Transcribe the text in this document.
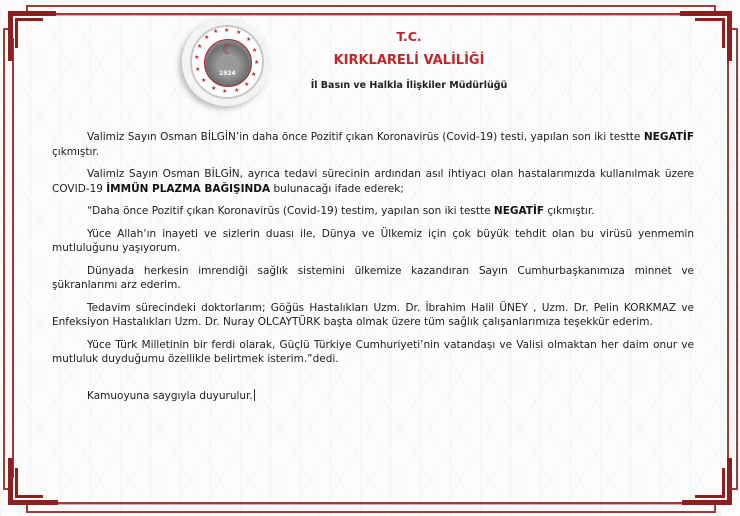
★ ★
★
★
★
★
★
★
★
★
★
★
★
★
★
★
☾
1924
T.C.
KIRKLARELİ VALİLİĞİ
İl Basın ve Halkla İlişkiler Müdürlüğü

Valimiz Sayın Osman BİLGİN’in daha önce Pozitif çıkan Koronavirüs (Covid-19) testi, yapılan son iki testte NEGATİF çıkmıştır.

Valimiz Sayın Osman BİLGİN, ayrıca tedavi sürecinin ardından asıl ihtiyacı olan hastalarımızda kullanılmak üzere COVID-19 İMMÜN PLAZMA BAĞIŞINDA bulunacağı ifade ederek;

“Daha önce Pozitif çıkan Koronavirüs (Covid-19) testim, yapılan son iki testte NEGATİF çıkmıştır.

Yüce Allah’ın inayeti ve sizlerin duası ile, Dünya ve Ülkemiz için çok büyük tehdit olan bu virüsü yenmemin mutluluğunu yaşıyorum.

Dünyada herkesin imrendiği sağlık sistemini ülkemize kazandıran Sayın Cumhurbaşkanımıza minnet ve şükranlarımı arz ederim.

Tedavim sürecindeki doktorlarım; Göğüs Hastalıkları Uzm. Dr. İbrahim Halil ÜNEY , Uzm. Dr. Pelin KORKMAZ ve Enfeksiyon Hastalıkları Uzm. Dr. Nuray OLCAYTÜRK başta olmak üzere tüm sağlık çalışanlarımıza teşekkür ederim.

Yüce Türk Milletinin bir ferdi olarak, Güçlü Türkiye Cumhuriyeti’nin vatandaşı ve Valisi olmaktan her daim onur ve mutluluk duyduğumu özellikle belirtmek isterim.”dedi.

Kamuoyuna saygıyla duyurulur.
